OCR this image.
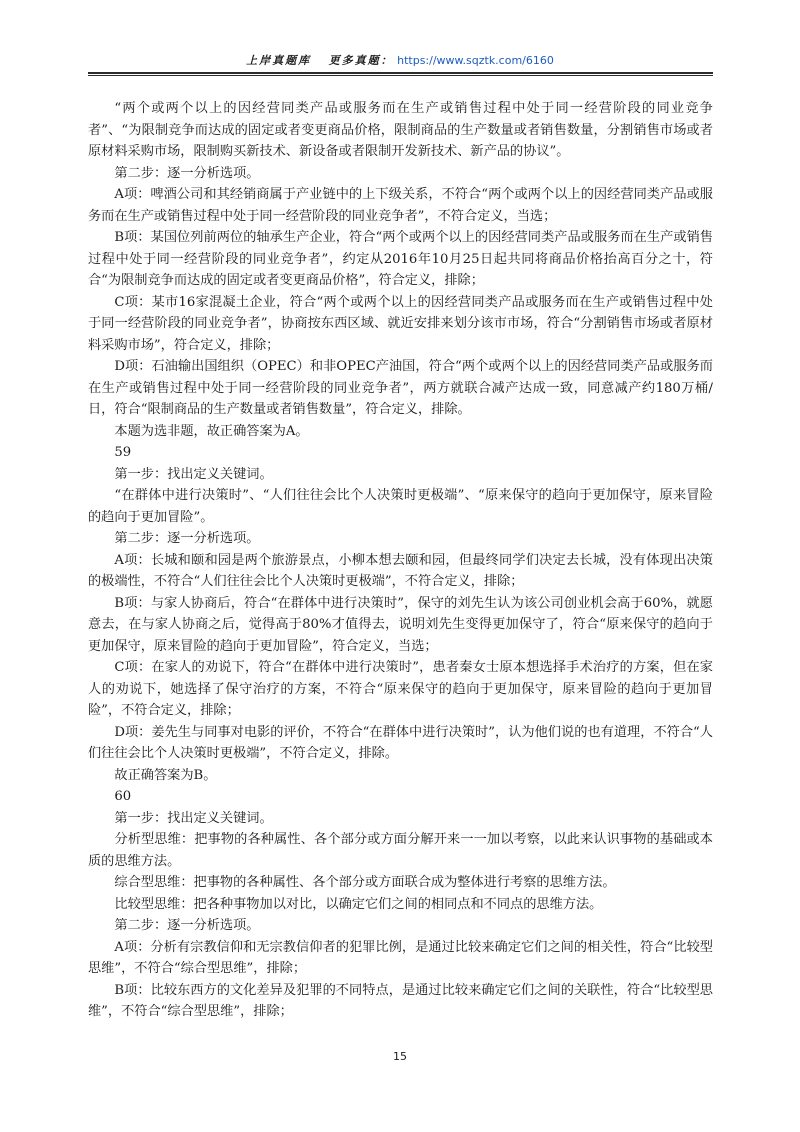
上岸真题库 更多真题： https://www.sqztk.com/6160

“两个或两个以上的因经营同类产品或服务而在生产或销售过程中处于同一经营阶段的同业竞争者”、“为限制竞争而达成的固定或者变更商品价格，限制商品的生产数量或者销售数量，分割销售市场或者原材料采购市场，限制购买新技术、新设备或者限制开发新技术、新产品的协议”。

第二步：逐一分析选项。

A项：啤酒公司和其经销商属于产业链中的上下级关系，不符合“两个或两个以上的因经营同类产品或服务而在生产或销售过程中处于同一经营阶段的同业竞争者”，不符合定义，当选；

B项：某国位列前两位的轴承生产企业，符合“两个或两个以上的因经营同类产品或服务而在生产或销售过程中处于同一经营阶段的同业竞争者”，约定从2016年10月25日起共同将商品价格抬高百分之十，符合“为限制竞争而达成的固定或者变更商品价格”，符合定义，排除；

C项：某市16家混凝土企业，符合“两个或两个以上的因经营同类产品或服务而在生产或销售过程中处于同一经营阶段的同业竞争者”，协商按东西区域、就近安排来划分该市市场，符合“分割销售市场或者原材料采购市场”，符合定义，排除；

D项：石油输出国组织（OPEC）和非OPEC产油国，符合“两个或两个以上的因经营同类产品或服务而在生产或销售过程中处于同一经营阶段的同业竞争者”，两方就联合减产达成一致，同意减产约180万桶/日，符合“限制商品的生产数量或者销售数量”，符合定义，排除。

本题为选非题，故正确答案为A。

59

第一步：找出定义关键词。

“在群体中进行决策时”、“人们往往会比个人决策时更极端”、“原来保守的趋向于更加保守，原来冒险的趋向于更加冒险”。

第二步：逐一分析选项。

A项：长城和颐和园是两个旅游景点，小柳本想去颐和园，但最终同学们决定去长城，没有体现出决策的极端性，不符合“人们往往会比个人决策时更极端”，不符合定义，排除；

B项：与家人协商后，符合“在群体中进行决策时”，保守的刘先生认为该公司创业机会高于60%，就愿意去，在与家人协商之后，觉得高于80%才值得去，说明刘先生变得更加保守了，符合“原来保守的趋向于更加保守，原来冒险的趋向于更加冒险”，符合定义，当选；

C项：在家人的劝说下，符合“在群体中进行决策时”，患者秦女士原本想选择手术治疗的方案，但在家人的劝说下，她选择了保守治疗的方案，不符合“原来保守的趋向于更加保守，原来冒险的趋向于更加冒险”，不符合定义，排除；

D项：姜先生与同事对电影的评价，不符合“在群体中进行决策时”，认为他们说的也有道理，不符合“人们往往会比个人决策时更极端”，不符合定义，排除。

故正确答案为B。

60

第一步：找出定义关键词。

分析型思维：把事物的各种属性、各个部分或方面分解开来一一加以考察，以此来认识事物的基础或本质的思维方法。

综合型思维：把事物的各种属性、各个部分或方面联合成为整体进行考察的思维方法。

比较型思维：把各种事物加以对比，以确定它们之间的相同点和不同点的思维方法。

第二步：逐一分析选项。

A项：分析有宗教信仰和无宗教信仰者的犯罪比例，是通过比较来确定它们之间的相关性，符合“比较型思维”，不符合“综合型思维”，排除；

B项：比较东西方的文化差异及犯罪的不同特点，是通过比较来确定它们之间的关联性，符合“比较型思维”，不符合“综合型思维”，排除；

15
